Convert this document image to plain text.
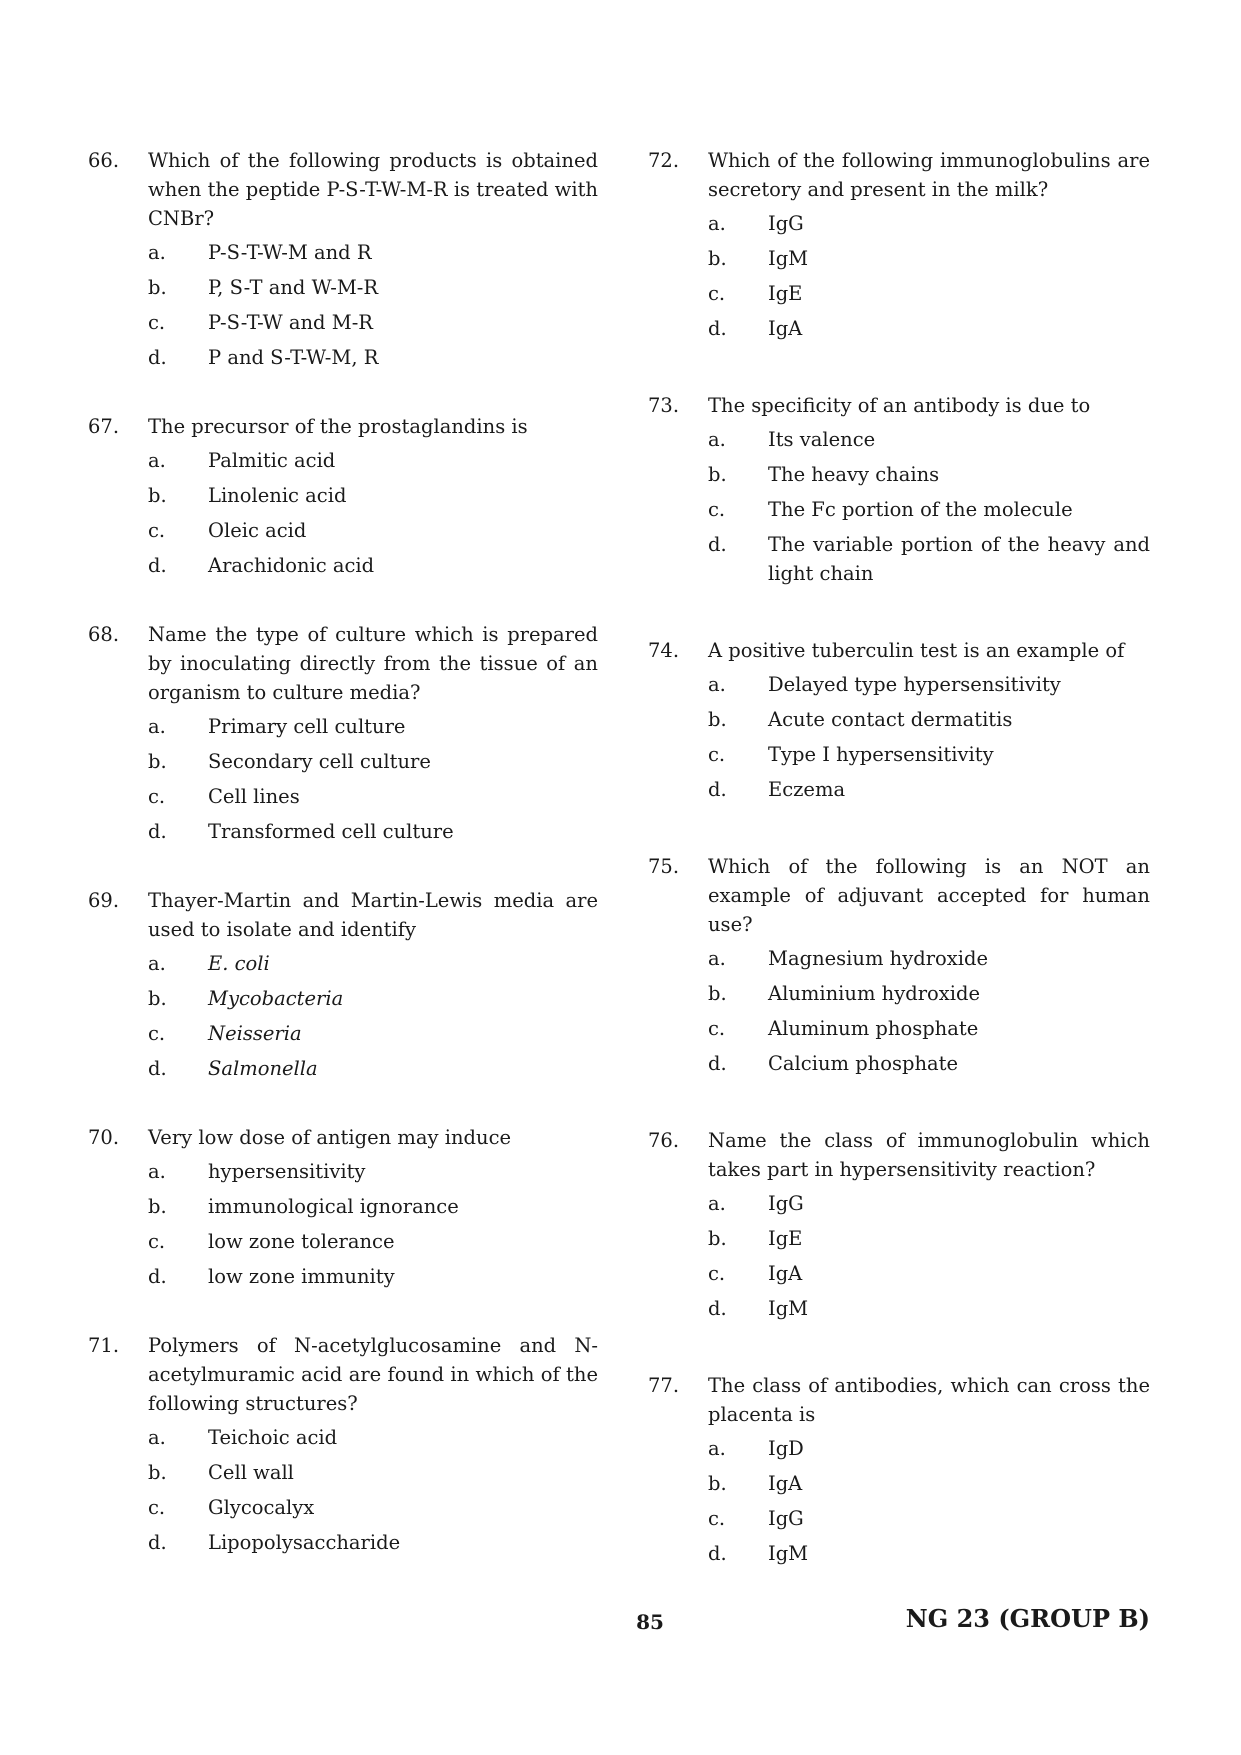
66.	Which of the following products is obtained when the peptide P-S-T-W-M-R is treated with CNBr?
a.	P-S-T-W-M and R
b.	P, S-T and W-M-R
c.	P-S-T-W and M-R
d.	P and S-T-W-M, R
67.	The precursor of the prostaglandins is
a.	Palmitic acid
b.	Linolenic acid
c.	Oleic acid
d.	Arachidonic acid
68.	Name the type of culture which is prepared by inoculating directly from the tissue of an organism to culture media?
a.	Primary cell culture
b.	Secondary cell culture
c.	Cell lines
d.	Transformed cell culture
69.	Thayer-Martin and Martin-Lewis media are used to isolate and identify
a.	E. coli
b.	Mycobacteria
c.	Neisseria
d.	Salmonella
70.	Very low dose of antigen may induce
a.	hypersensitivity
b.	immunological ignorance
c.	low zone tolerance
d.	low zone immunity
71.	Polymers of N-acetylglucosamine and N-acetylmuramic acid are found in which of the following structures?
a.	Teichoic acid
b.	Cell wall
c.	Glycocalyx
d.	Lipopolysaccharide
72.	Which of the following immunoglobulins are secretory and present in the milk?
a.	IgG
b.	IgM
c.	IgE
d.	IgA
73.	The specificity of an antibody is due to
a.	Its valence
b.	The heavy chains
c.	The Fc portion of the molecule
d.	The variable portion of the heavy and light chain
74.	A positive tuberculin test is an example of
a.	Delayed type hypersensitivity
b.	Acute contact dermatitis
c.	Type I hypersensitivity
d.	Eczema
75.	Which of the following is an NOT an example of adjuvant accepted for human use?
a.	Magnesium hydroxide
b.	Aluminium hydroxide
c.	Aluminum phosphate
d.	Calcium phosphate
76.	Name the class of immunoglobulin which takes part in hypersensitivity reaction?
a.	IgG
b.	IgE
c.	IgA
d.	IgM
77.	The class of antibodies, which can cross the placenta is
a.	IgD
b.	IgA
c.	IgG
d.	IgM
85	NG 23 (GROUP B)
